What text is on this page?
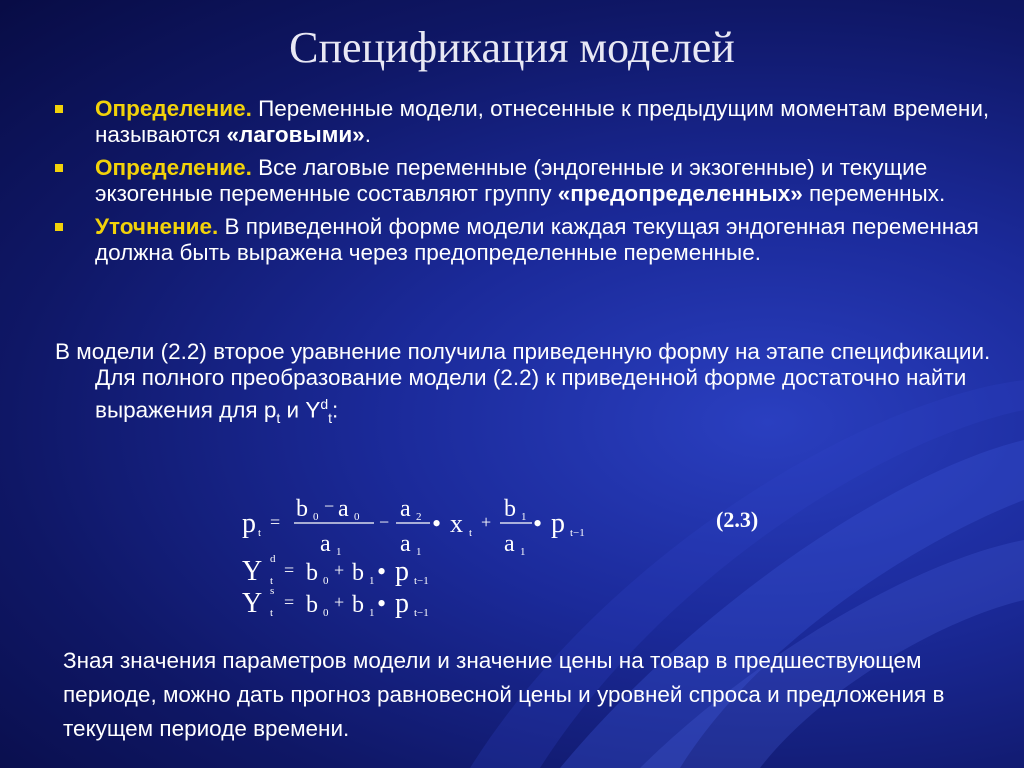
Спецификация моделей
Определение. Переменные модели, отнесенные к предыдущим моментам времени, называются «лаговыми».
Определение. Все лаговые переменные (эндогенные и экзогенные) и текущие экзогенные переменные составляют группу «предопределенных» переменных.
Уточнение. В приведенной форме модели каждая текущая эндогенная переменная должна быть выражена через предопределенные переменные.
В модели (2.2) второе уравнение получила приведенную форму на этапе спецификации. Для полного преобразование модели (2.2) к приведенной форме достаточно найти выражения для $p_t$ и $Y^d_t$:
p t
= b 0
− a 0
a 1
− a 2
a 1
• x t
+ b 1
a 1
• p t−1
Y d
t
= b 0
+ b 1 • p t−1
Y s
t
= b 0
+ b 1 • p t−1
(2.3)
Зная значения параметров модели и значение цены на товар в предшествующем периоде, можно дать прогноз равновесной цены и уровней спроса и предложения в текущем периоде времени.
